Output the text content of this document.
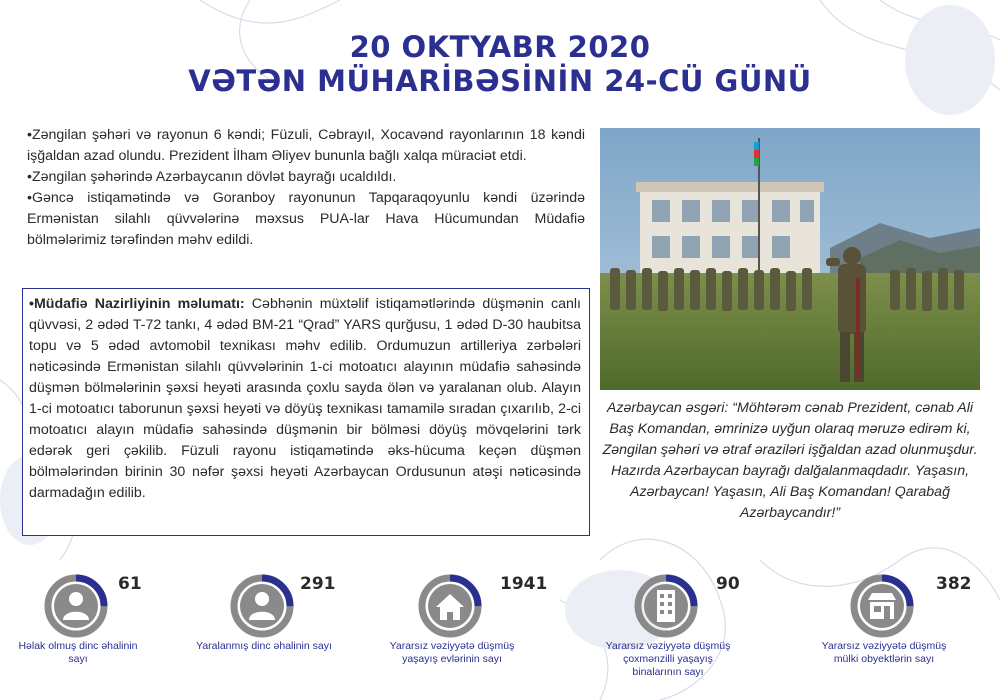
20 OKTYABR 2020
VƏTƏN MÜHARİBƏSİNİN 24-CÜ GÜNÜ

•Zəngilan şəhəri və rayonun 6 kəndi; Füzuli, Cəbrayıl, Xocavənd rayonlarının 18 kəndi işğaldan azad olundu. Prezident İlham Əliyev bununla bağlı xalqa müraciət etdi.

•Zəngilan şəhərində Azərbaycanın dövlət bayrağı ucaldıldı.

•Gəncə istiqamətində və Goranboy rayonunun Tapqaraqoyunlu kəndi üzərində Ermənistan silahlı qüvvələrinə məxsus PUA-lar Hava Hücumundan Müdafiə bölmələrimiz tərəfindən məhv edildi.

•Müdafiə Nazirliyinin məlumatı: Cəbhənin müxtəlif istiqamətlərində düşmənin canlı qüvvəsi, 2 ədəd T-72 tankı, 4 ədəd BM-21 “Qrad” YARS qurğusu, 1 ədəd D-30 haubitsa topu və 5 ədəd avtomobil texnikası məhv edilib. Ordumuzun artilleriya zərbələri nəticəsində Ermənistan silahlı qüvvələrinin 1-ci motoatıcı alayının müdafiə sahəsində düşmən bölmələrinin şəxsi heyəti arasında çoxlu sayda ölən və yaralanan olub. Alayın 1-ci motoatıcı taborunun şəxsi heyəti və döyüş texnikası tamamilə sıradan çıxarılıb, 2-ci motoatıcı alayın müdafiə sahəsində düşmənin bir bölməsi döyüş mövqelərini tərk edərək geri çəkilib. Füzuli rayonu istiqamətində əks-hücuma keçən düşmən bölmələrindən birinin 30 nəfər şəxsi heyəti Azərbaycan Ordusunun atəşi nəticəsində darmadağın edilib.
Azərbaycan əsgəri: “Möhtərəm cənab Prezident, cənab Ali Baş Komandan, əmrinizə uyğun olaraq məruzə edirəm ki, Zəngilan şəhəri və ətraf əraziləri işğaldan azad olunmuşdur. Hazırda Azərbaycan bayrağı dalğalanmaqdadır. Yaşasın, Azərbaycan! Yaşasın, Ali Baş Komandan! Qarabağ Azərbaycandır!”
61
Həlak olmuş dinc əhalinin sayı
291
Yaralanmış dinc əhalinin sayı
1941
Yararsız vəziyyətə düşmüş yaşayış evlərinin sayı
90
Yararsız vəziyyətə düşmüş çoxmənzilli yaşayış binalarının sayı
382
Yararsız vəziyyətə düşmüş mülki obyektlərin sayı
